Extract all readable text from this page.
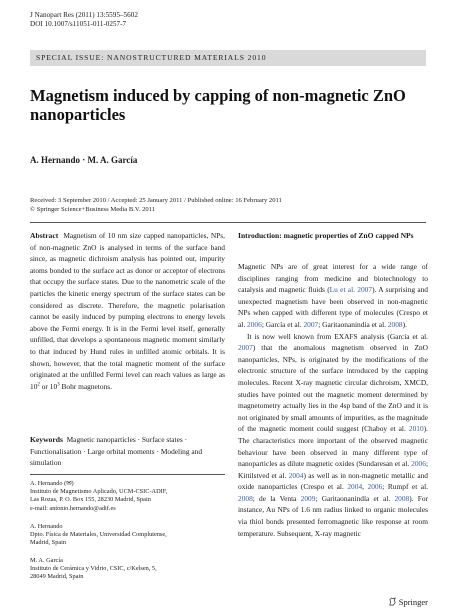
J Nanopart Res (2011) 13:5595–5602
DOI 10.1007/s11051-011-0257-7
SPECIAL ISSUE: NANOSTRUCTURED MATERIALS 2010
Magnetism induced by capping of non-magnetic ZnO nanoparticles
A. Hernando · M. A. García
Received: 3 September 2010 / Accepted: 25 January 2011 / Published online: 16 February 2011
© Springer Science+Business Media B.V. 2011
Abstract Magnetism of 10 nm size capped nanoparticles, NPs, of non-magnetic ZnO is analysed in terms of the surface band since, as magnetic dichroism analysis has pointed out, impurity atoms bonded to the surface act as donor or acceptor of electrons that occupy the surface states. Due to the nanometric scale of the particles the kinetic energy spectrum of the surface states can be considered as discrete. Therefore, the magnetic polarisation cannot be easily induced by pumping electrons to energy levels above the Fermi energy. It is in the Fermi level itself, generally unfilled, that develops a spontaneous magnetic moment similarly to that induced by Hund rules in unfilled atomic orbitals. It is shown, however, that the total magnetic moment of the surface originated at the unfilled Fermi level can reach values as large as $10^2$ or $10^3$ Bohr magnetons.
Keywords Magnetic nanoparticles · Surface states · Functionalisation · Large orbital moments · Modeling and simulation
A. Hernando (✉)
Instituto de Magnetismo Aplicado, UCM-CSIC-ADIF,
Las Rozas, P. O. Box 155, 28230 Madrid, Spain
e-mail: antonio.hernando@adif.es
A. Hernando
Dpto. Física de Materiales, Universidad Complutense,
Madrid, Spain
M. A. García
Instituto de Cerámica y Vidrio, CSIC, c/Kelsen, 5,
28049 Madrid, Spain
Introduction: magnetic properties of ZnO capped NPs
Magnetic NPs are of great interest for a wide range of disciplines ranging from medicine and biotechnology to catalysis and magnetic fluids (Lu et al. 2007). A surprising and unexpected magnetism have been observed in non-magnetic NPs when capped with different type of molecules (Crespo et al. 2006; García et al. 2007; Garitaonanindía et al. 2008).
It is now well known from EXAFS analysis (García et al. 2007) that the anomalous magnetism observed in ZnO nanoparticles, NPs, is originated by the modifications of the electronic structure of the surface introduced by the capping molecules. Recent X-ray magnetic circular dichroism, XMCD, studies have pointed out the magnetic moment determined by magnetometry actually lies in the 4sp band of the ZnO and it is not originated by small amounts of impurities, as the magnitude of the magnetic moment could suggest (Chaboy et al. 2010). The characteristics more important of the observed magnetic behaviour have been observed in many different type of nanoparticles as dilute magnetic oxides (Sundaresan et al. 2006; Kittilstved et al. 2004) as well as in non-magnetic metallic and oxide nanoparticles (Crespo et al. 2004, 2006; Rumpf et al. 2008; de la Venta 2009; Garitaonanindía et al. 2008). For instance, Au NPs of 1.6 nm radius linked to organic molecules via thiol bonds presented ferromagnetic like response at room temperature. Subsequent, X-ray magnetic
Springer
